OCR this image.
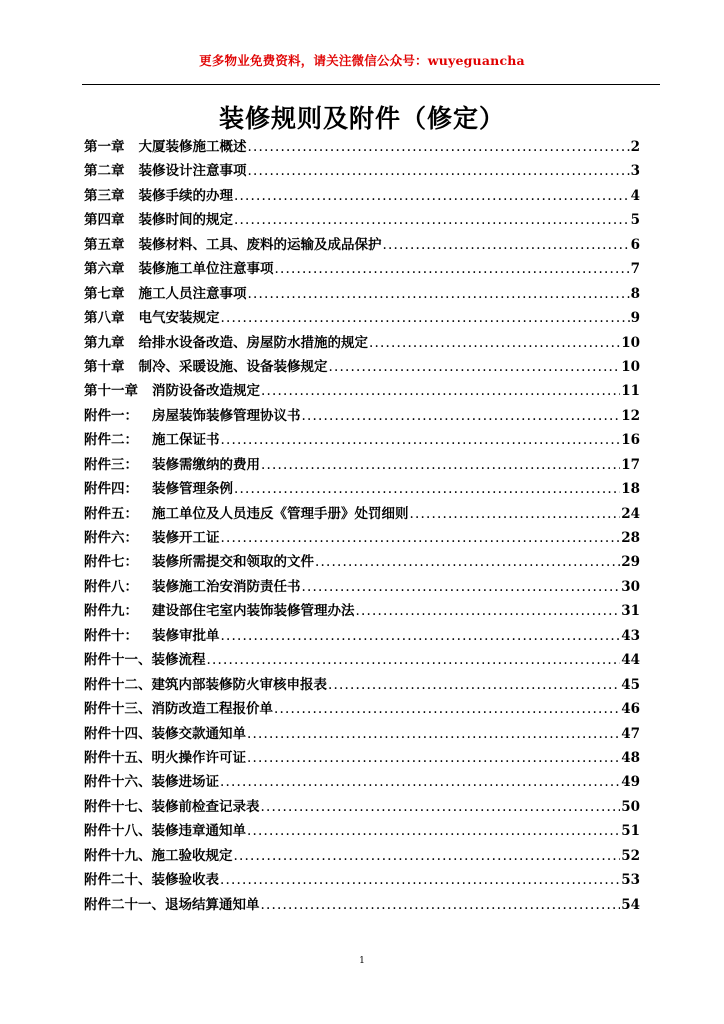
更多物业免费资料，请关注微信公众号：wuyeguancha
装修规则及附件（修定）
第一章 大厦装修施工概述 .....	2
第二章 装修设计注意事项 .....	3
第三章 装修手续的办理 .....	4
第四章 装修时间的规定 .....	5
第五章 装修材料、工具、废料的运输及成品保护 .....	6
第六章 装修施工单位注意事项 .....	7
第七章 施工人员注意事项 .....	8
第八章 电气安装规定 .....	9
第九章 给排水设备改造、房屋防水措施的规定 .....	10
第十章 制冷、采暖设施、设备装修规定 .....	10
第十一章 消防设备改造规定 .....	11
附件一： 房屋装饰装修管理协议书 .....	12
附件二： 施工保证书 .....	16
附件三： 装修需缴纳的费用 .....	17
附件四： 装修管理条例 .....	18
附件五： 施工单位及人员违反《管理手册》处罚细则 .....	24
附件六： 装修开工证 .....	28
附件七： 装修所需提交和领取的文件 .....	29
附件八： 装修施工治安消防责任书 .....	30
附件九： 建设部住宅室内装饰装修管理办法 .....	31
附件十： 装修审批单 .....	43
附件十一、 装修流程 .....	44
附件十二、 建筑内部装修防火审核申报表 .....	45
附件十三、 消防改造工程报价单 .....	46
附件十四、 装修交款通知单 .....	47
附件十五、 明火操作许可证 .....	48
附件十六、 装修进场证 .....	49
附件十七、 装修前检查记录表 .....	50
附件十八、 装修违章通知单 .....	51
附件十九、 施工验收规定 .....	52
附件二十、 装修验收表 .....	53
附件二十一、 退场结算通知单 .....	54
1
